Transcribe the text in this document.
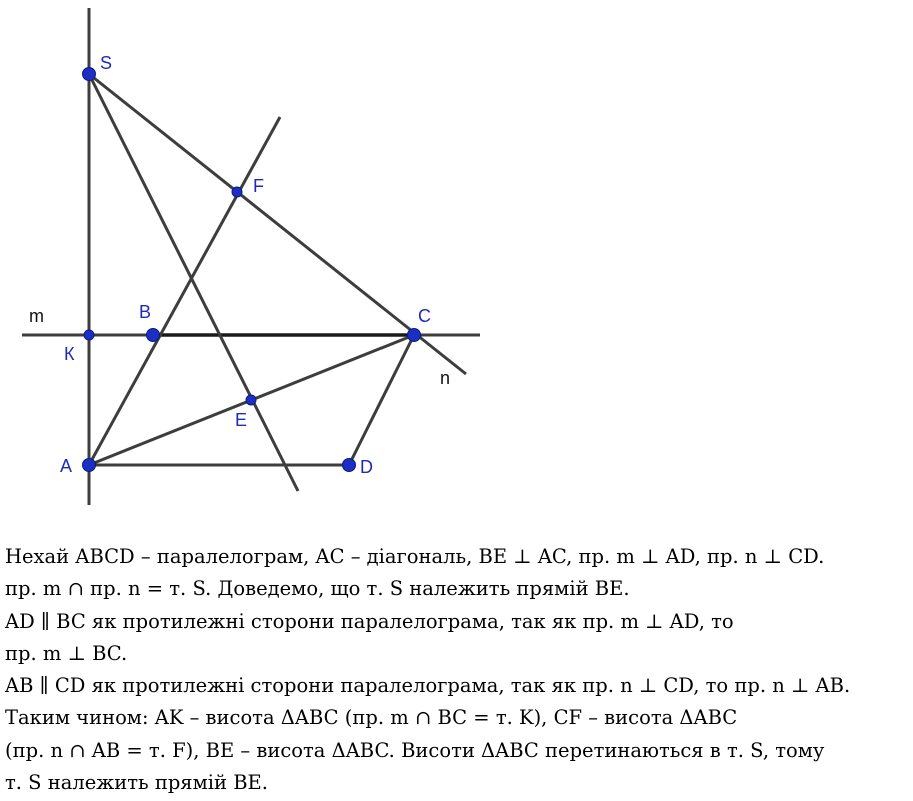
S
F
B	C
К
E
A	D
m
n
Нехай ABCD – паралелограм, AC – діагональ, BE ⊥ AC, пр. m ⊥ AD, пр. n ⊥ CD.
пр. m ∩ пр. n = т. S. Доведемо, що т. S належить прямій BE.
AD ∥ BC як протилежні сторони паралелограма, так як пр. m ⊥ AD, то
пр. m ⊥ BC.
AB ∥ CD як протилежні сторони паралелограма, так як пр. n ⊥ CD, то пр. n ⊥ AB.
Таким чином: AK – висота ΔABC (пр. m ∩ BC = т. K), CF – висота ΔABC
(пр. n ∩ AB = т. F), BE – висота ΔABC. Висоти ΔABC перетинаються в т. S, тому
т. S належить прямій BE.
